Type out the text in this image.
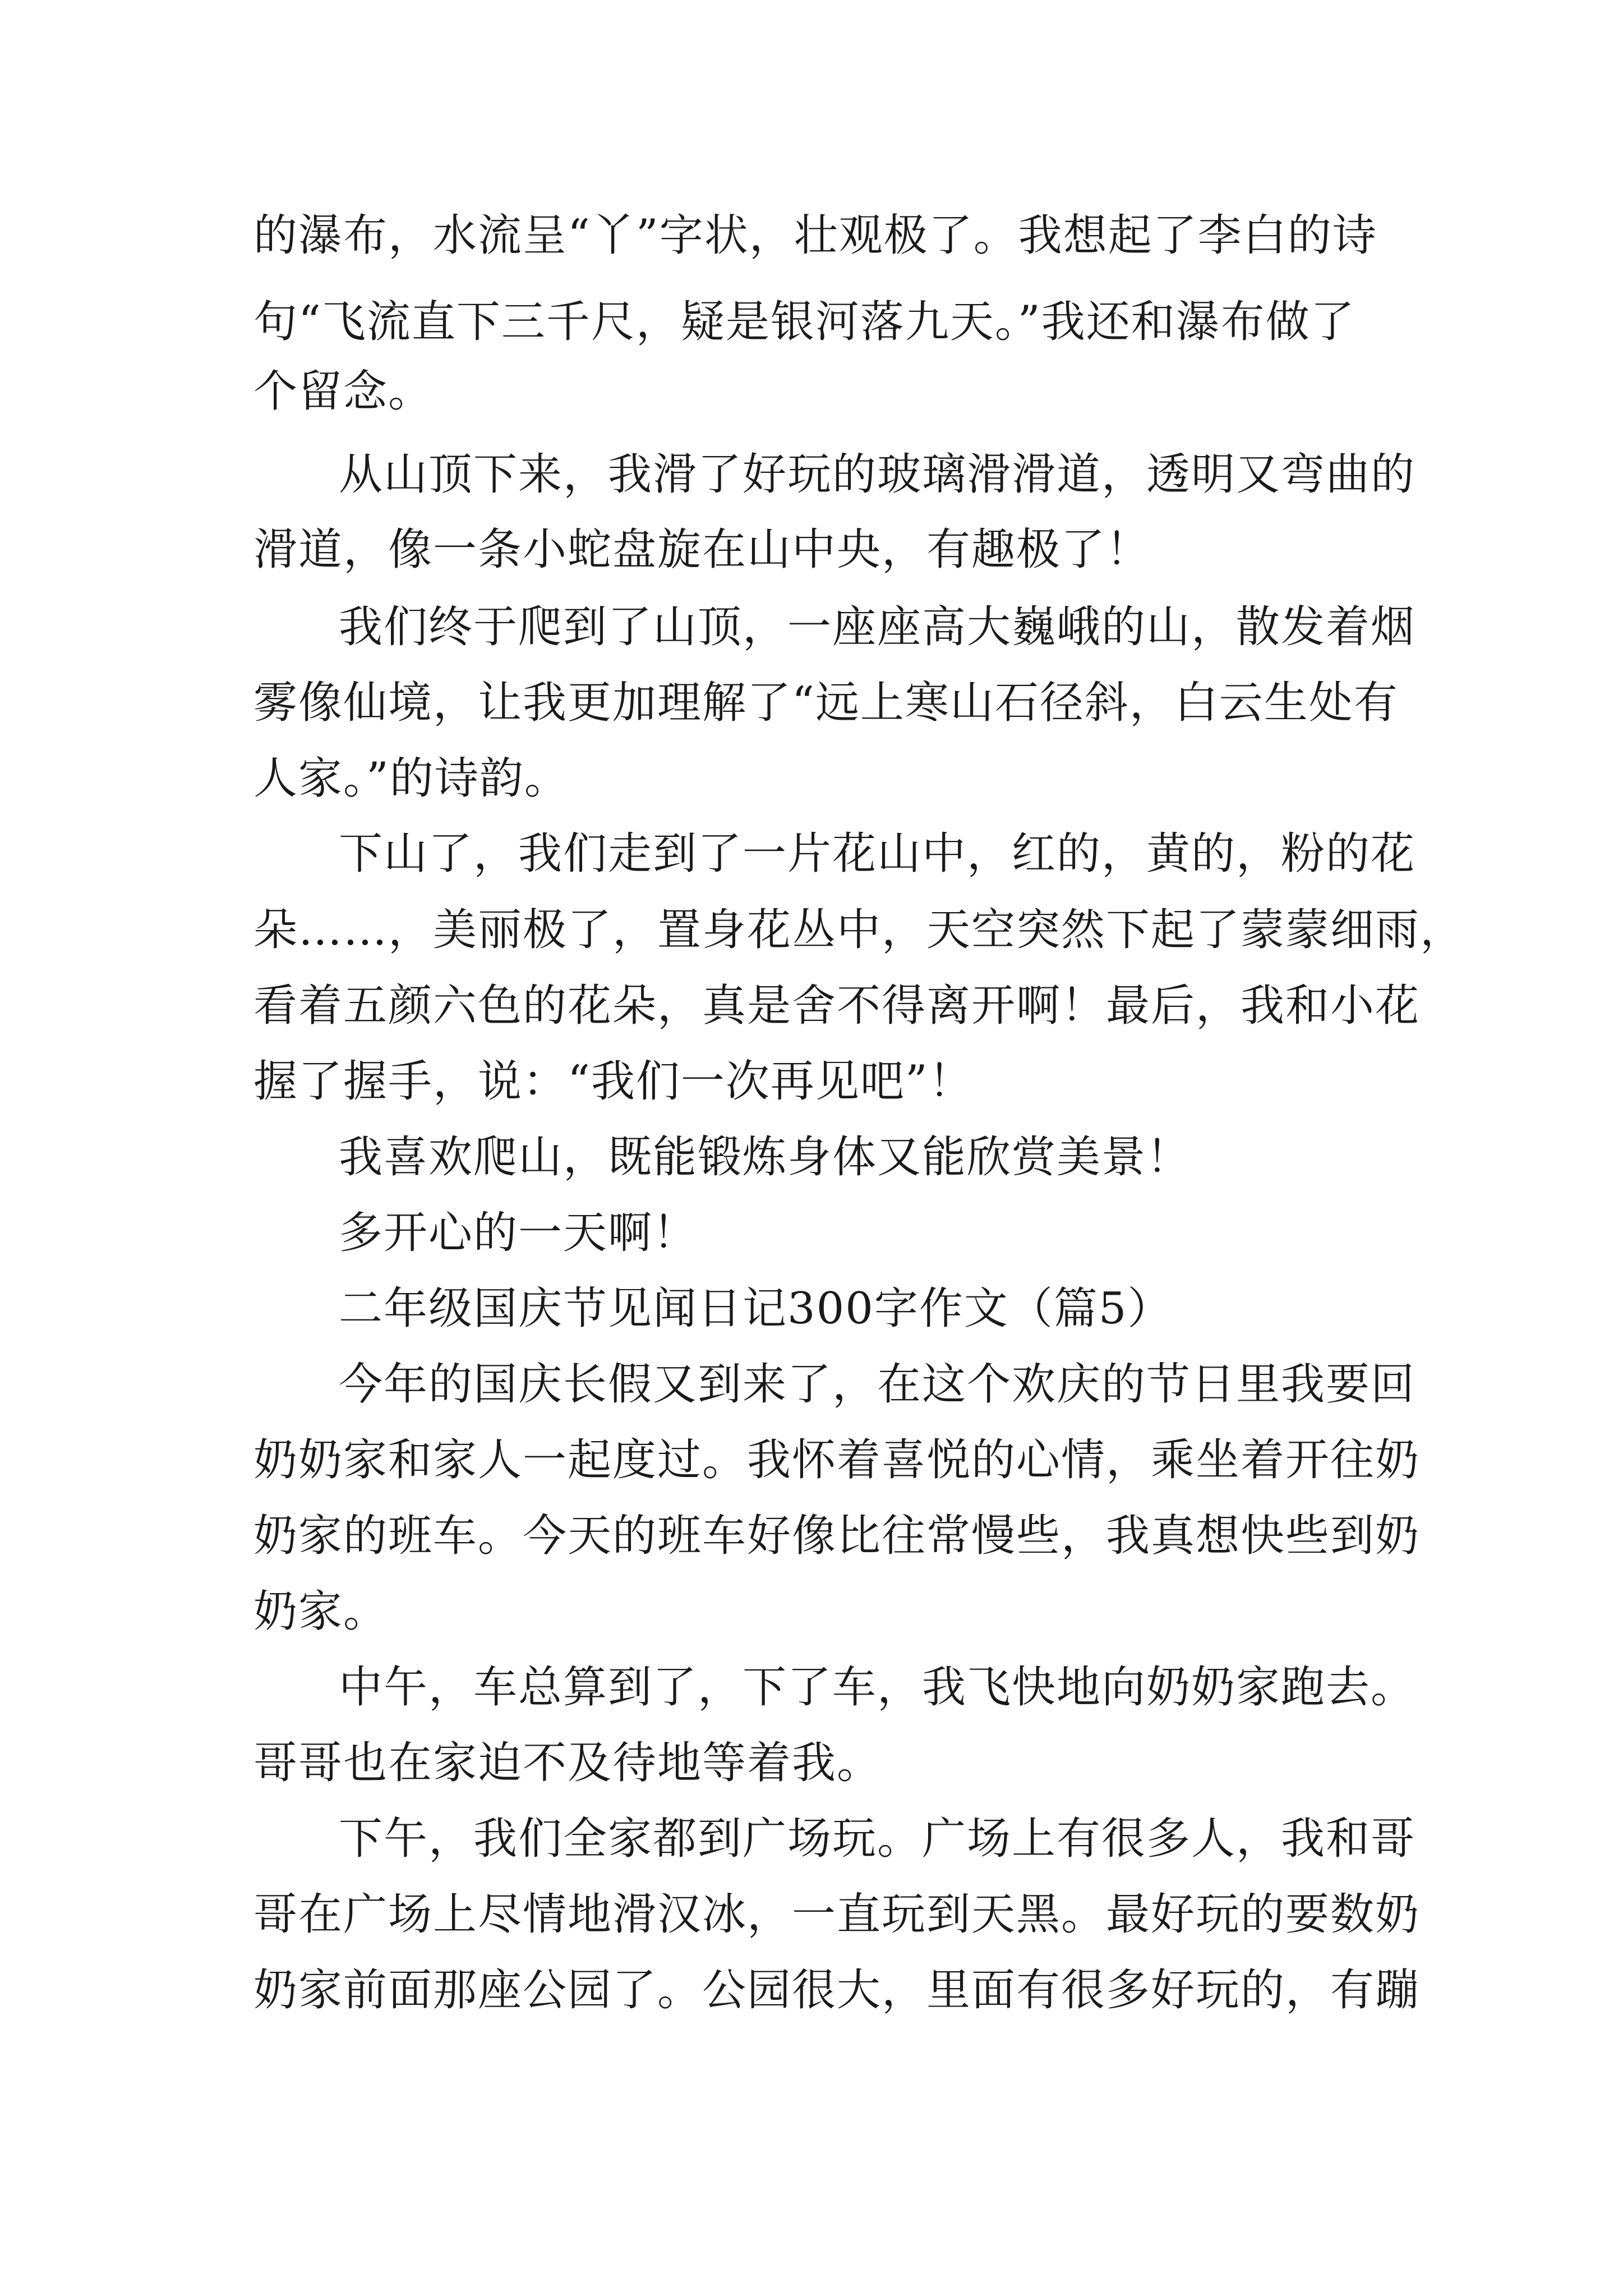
的瀑布，水流呈“丫”字状，壮观极了。我想起了李白的诗
句“飞流直下三千尺，疑是银河落九天。”我还和瀑布做了
个留念。
从山顶下来，我滑了好玩的玻璃滑滑道，透明又弯曲的
滑道，像一条小蛇盘旋在山中央，有趣极了！
我们终于爬到了山顶，一座座高大巍峨的山，散发着烟
雾像仙境，让我更加理解了“远上寒山石径斜，白云生处有
人家。”的诗韵。
下山了，我们走到了一片花山中，红的，黄的，粉的花
朵……，美丽极了，置身花丛中，天空突然下起了蒙蒙细雨，
看着五颜六色的花朵，真是舍不得离开啊！最后，我和小花
握了握手，说：“我们一次再见吧”！
我喜欢爬山，既能锻炼身体又能欣赏美景！
多开心的一天啊！
二年级国庆节见闻日记300字作文（篇5）
今年的国庆长假又到来了，在这个欢庆的节日里我要回
奶奶家和家人一起度过。我怀着喜悦的心情，乘坐着开往奶
奶家的班车。今天的班车好像比往常慢些，我真想快些到奶
奶家。
中午，车总算到了，下了车，我飞快地向奶奶家跑去。
哥哥也在家迫不及待地等着我。
下午，我们全家都到广场玩。广场上有很多人，我和哥
哥在广场上尽情地滑汉冰，一直玩到天黑。最好玩的要数奶
奶家前面那座公园了。公园很大，里面有很多好玩的，有蹦
